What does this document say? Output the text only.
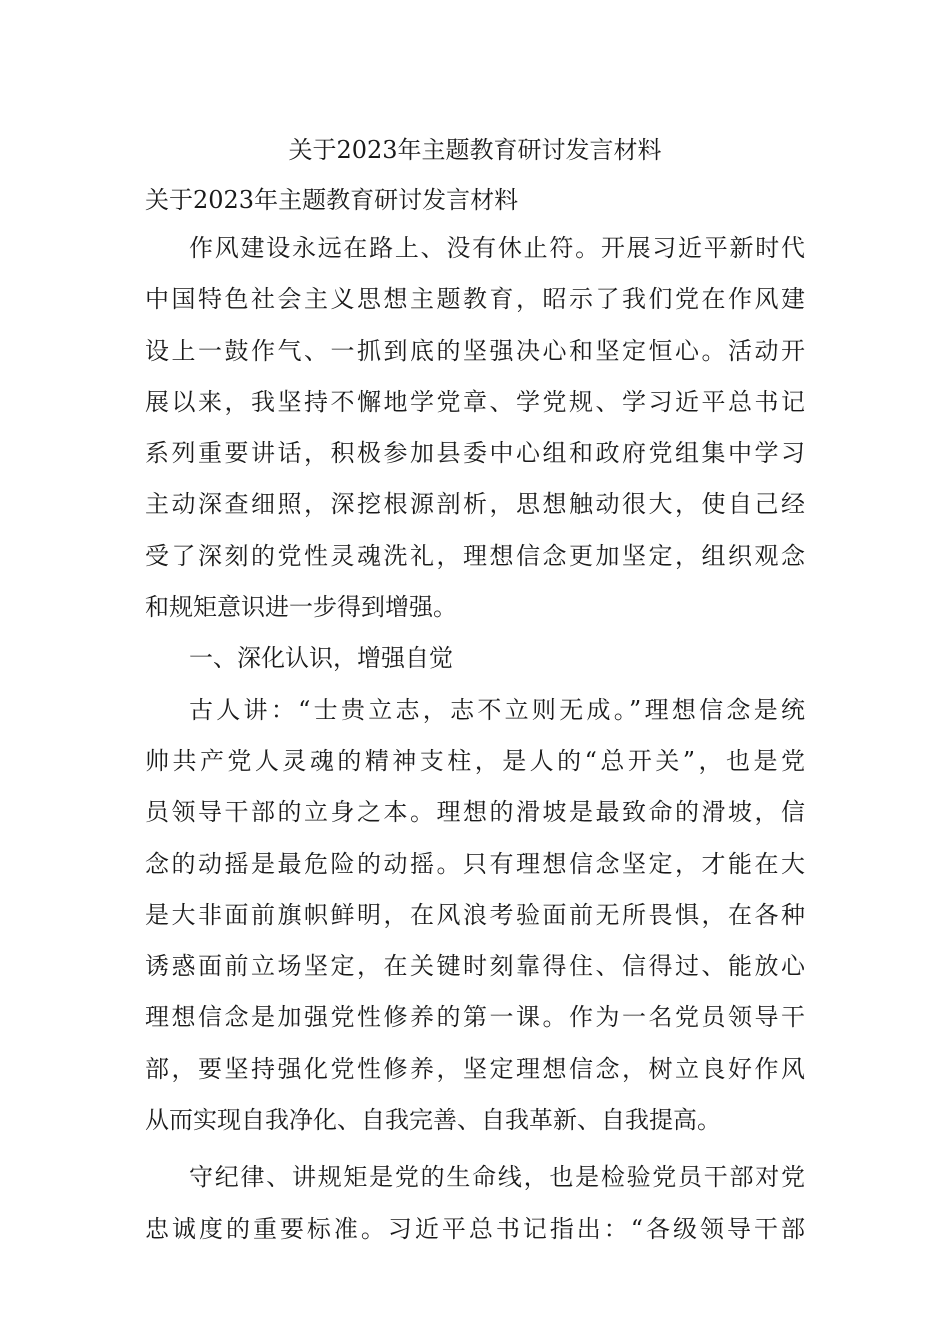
关于2023年主题教育研讨发言材料
关于2023年主题教育研讨发言材料
作风建设永远在路上、没有休止符。开展习近平新时代
中国特色社会主义思想主题教育，昭示了我们党在作风建
设上一鼓作气、一抓到底的坚强决心和坚定恒心。活动开
展以来，我坚持不懈地学党章、学党规、学习近平总书记
系列重要讲话，积极参加县委中心组和政府党组集中学习
主动深查细照，深挖根源剖析，思想触动很大，使自己经
受了深刻的党性灵魂洗礼，理想信念更加坚定，组织观念
和规矩意识进一步得到增强。
一、深化认识，增强自觉
古人讲：“士贵立志，志不立则无成。”理想信念是统
帅共产党人灵魂的精神支柱，是人的“总开关”，也是党
员领导干部的立身之本。理想的滑坡是最致命的滑坡，信
念的动摇是最危险的动摇。只有理想信念坚定，才能在大
是大非面前旗帜鲜明，在风浪考验面前无所畏惧，在各种
诱惑面前立场坚定，在关键时刻靠得住、信得过、能放心
理想信念是加强党性修养的第一课。作为一名党员领导干
部，要坚持强化党性修养，坚定理想信念，树立良好作风
从而实现自我净化、自我完善、自我革新、自我提高。
守纪律、讲规矩是党的生命线，也是检验党员干部对党
忠诚度的重要标准。习近平总书记指出：“各级领导干部
